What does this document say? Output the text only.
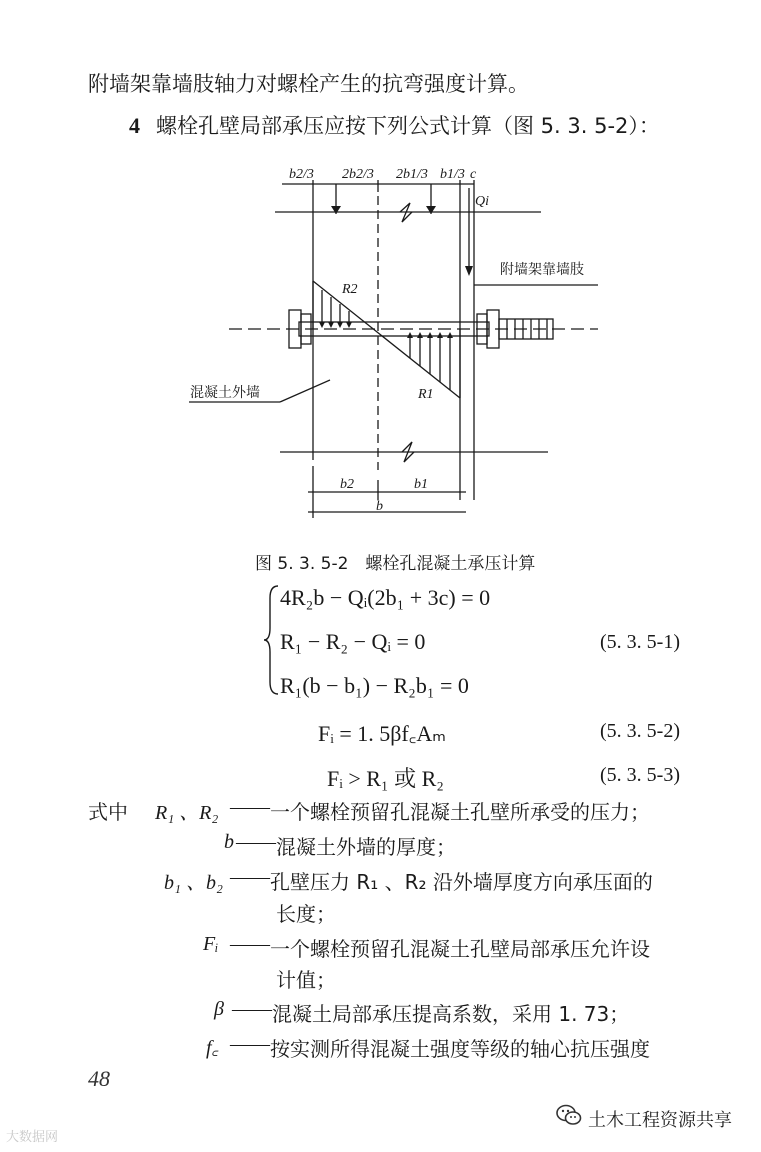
附墙架靠墙肢轴力对螺栓产生的抗弯强度计算。
4 螺栓孔壁局部承压应按下列公式计算（图 5. 3. 5-2）：
b2/3 2b2/3 2b1/3 b1/3 c
Qi
R2
R1
b2	b1
b
附墙架靠墙肢
混凝土外墙
图 5. 3. 5-2　螺栓孔混凝土承压计算
4R₂b − Qᵢ(2b₁ + 3c) = 0
R₁ − R₂ − Qᵢ = 0	(5. 3. 5-1)
R₁(b − b₁) − R₂b₁ = 0
Fᵢ = 1. 5βf꜀Aₘ	(5. 3. 5-2)
Fᵢ > R₁ 或 R₂	(5. 3. 5-3)
式中 R₁ 、R₂ —— 一个螺栓预留孔混凝土孔壁所承受的压力；
b —— 混凝土外墙的厚度；
b₁ 、b₂ —— 孔壁压力 R₁ 、R₂ 沿外墙厚度方向承压面的
长度；
Fᵢ —— 一个螺栓预留孔混凝土孔壁局部承压允许设
计值；
β —— 混凝土局部承压提高系数，采用 1. 73；
f꜀ —— 按实测所得混凝土强度等级的轴心抗压强度
48
大数据网
土木工程资源共享
